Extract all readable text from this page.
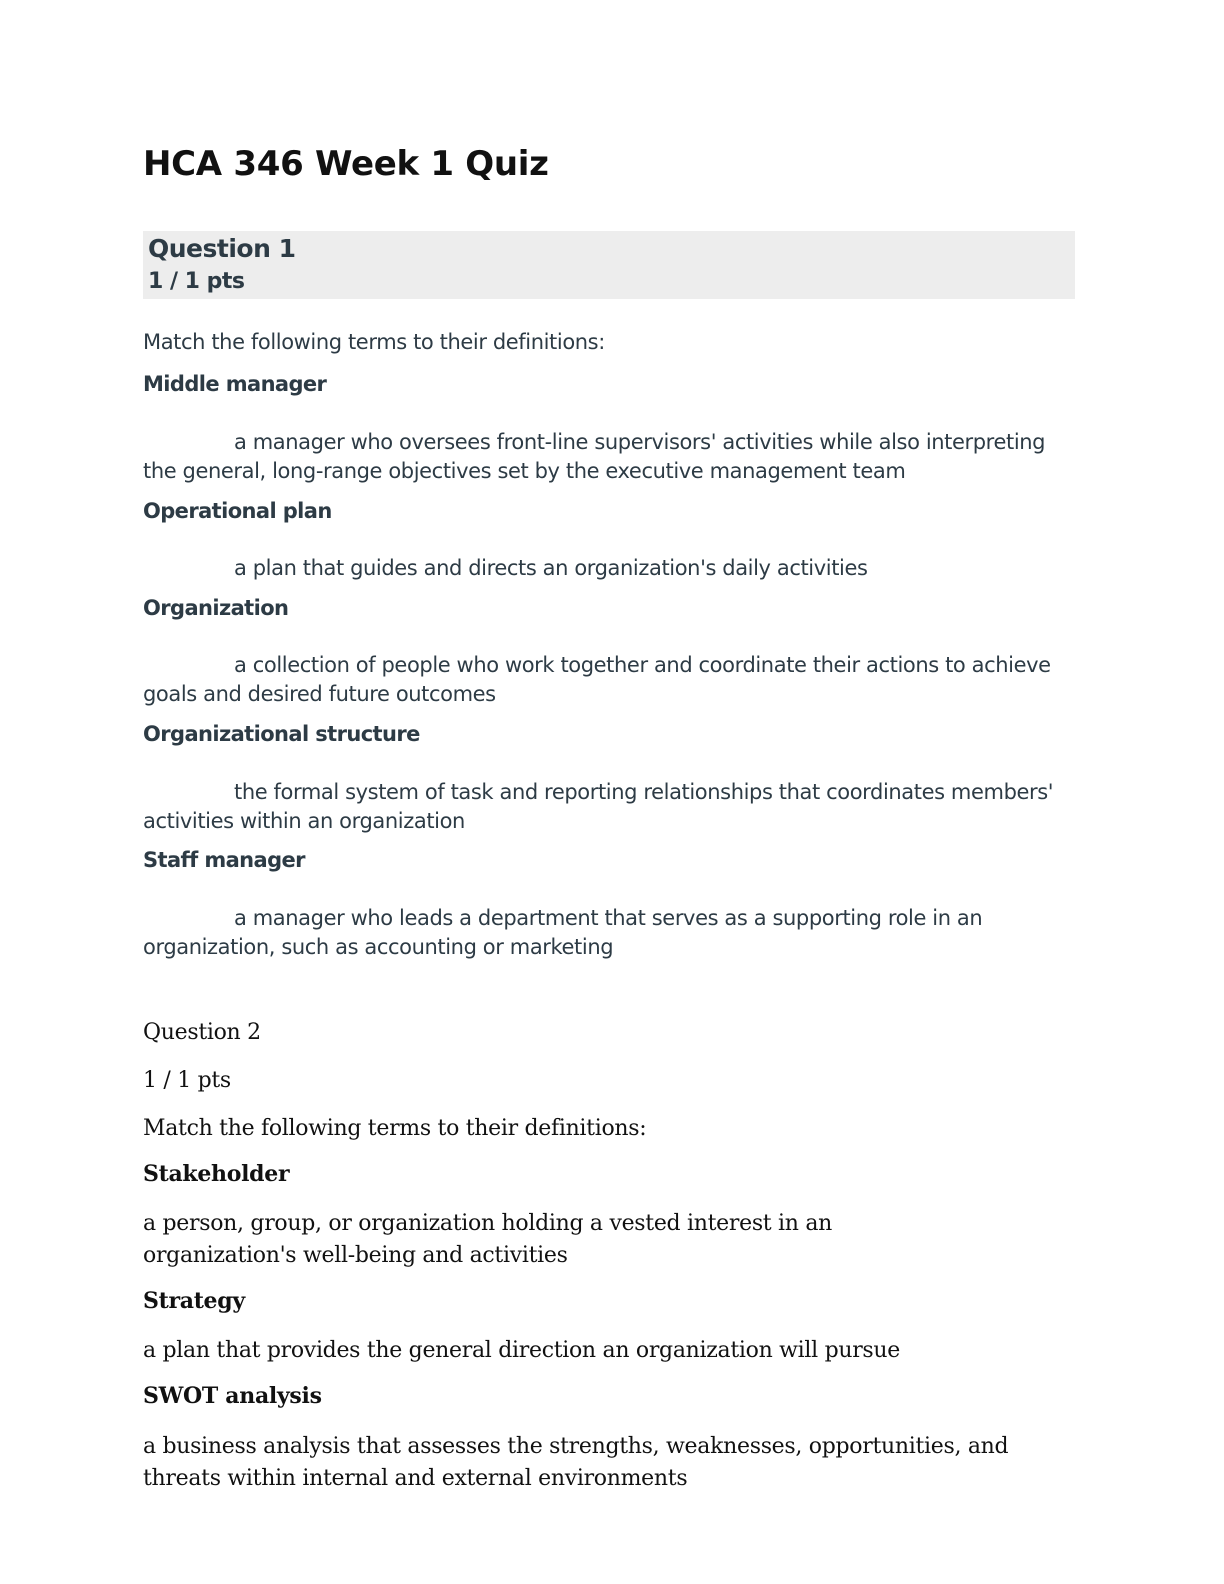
HCA 346 Week 1 Quiz
Question 1
1 / 1 pts

Match the following terms to their definitions:

Middle manager

a manager who oversees front-line supervisors' activities while also interpreting the general, long-range objectives set by the executive management team

Operational plan

a plan that guides and directs an organization's daily activities

Organization

a collection of people who work together and coordinate their actions to achieve goals and desired future outcomes

Organizational structure

the formal system of task and reporting relationships that coordinates members' activities within an organization

Staff manager

a manager who leads a department that serves as a supporting role in an organization, such as accounting or marketing

Question 2

1 / 1 pts

Match the following terms to their definitions:

Stakeholder

a person, group, or organization holding a vested interest in an organization's well-being and activities

Strategy

a plan that provides the general direction an organization will pursue

SWOT analysis

a business analysis that assesses the strengths, weaknesses, opportunities, and threats within internal and external environments
